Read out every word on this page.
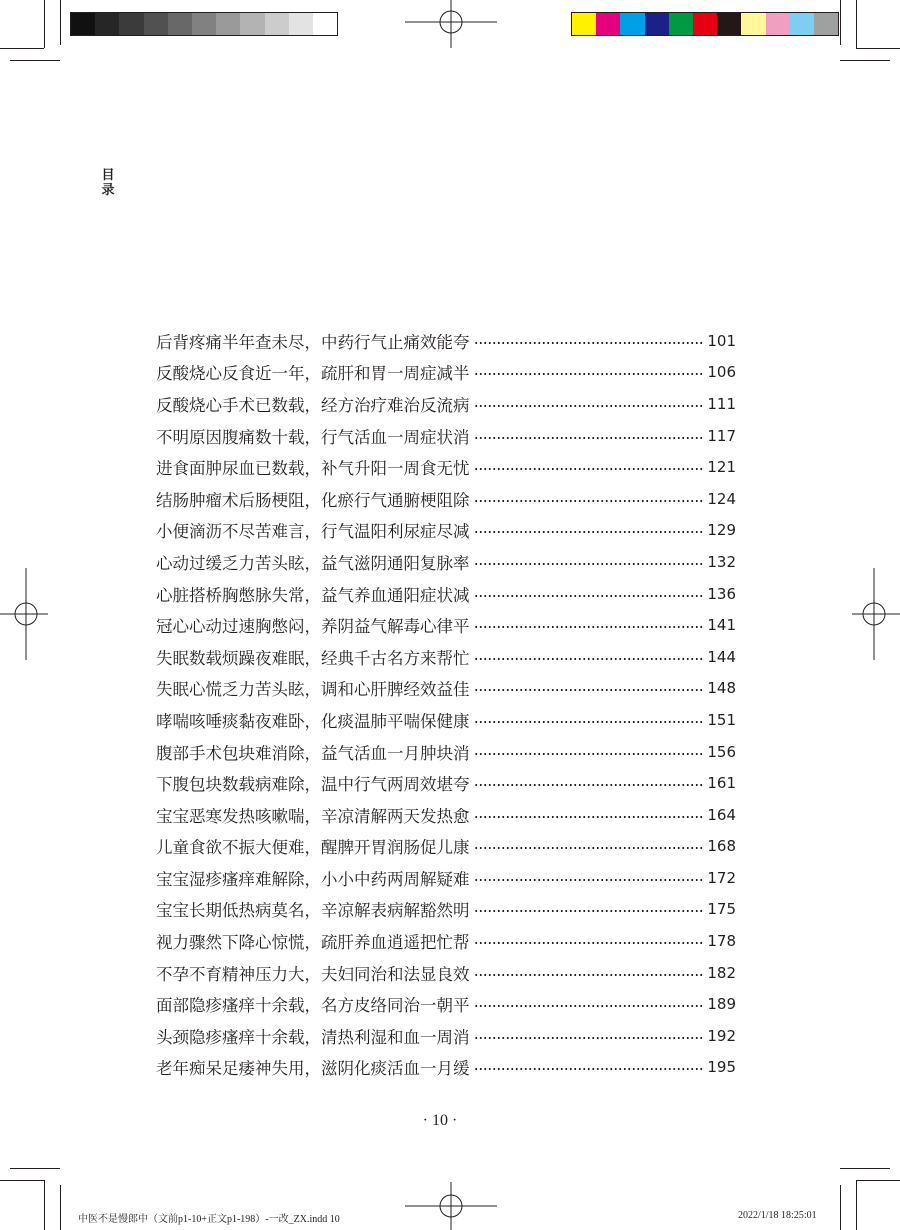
目录
后背疼痛半年查未尽，中药行气止痛效能夸	101
反酸烧心反食近一年，疏肝和胃一周症减半	106
反酸烧心手术已数载，经方治疗难治反流病	111
不明原因腹痛数十载，行气活血一周症状消	117
进食面肿尿血已数载，补气升阳一周食无忧	121
结肠肿瘤术后肠梗阻，化瘀行气通腑梗阻除	124
小便滴沥不尽苦难言，行气温阳利尿症尽减	129
心动过缓乏力苦头眩，益气滋阴通阳复脉率	132
心脏搭桥胸憋脉失常，益气养血通阳症状减	136
冠心心动过速胸憋闷，养阴益气解毒心律平	141
失眠数载烦躁夜难眠，经典千古名方来帮忙	144
失眠心慌乏力苦头眩，调和心肝脾经效益佳	148
哮喘咳唾痰黏夜难卧，化痰温肺平喘保健康	151
腹部手术包块难消除，益气活血一月肿块消	156
下腹包块数载病难除，温中行气两周效堪夸	161
宝宝恶寒发热咳嗽喘，辛凉清解两天发热愈	164
儿童食欲不振大便难，醒脾开胃润肠促儿康	168
宝宝湿疹瘙痒难解除，小小中药两周解疑难	172
宝宝长期低热病莫名，辛凉解表病解豁然明	175
视力骤然下降心惊慌，疏肝养血逍遥把忙帮	178
不孕不育精神压力大，夫妇同治和法显良效	182
面部隐疹瘙痒十余载，名方皮络同治一朝平	189
头颈隐疹瘙痒十余载，清热利湿和血一周消	192
老年痴呆足痿神失用，滋阴化痰活血一月缓	195
· 10 ·
中医不是慢郎中（文前p1-10+正文p1-198）-一改_ZX.indd 10	2022/1/18 18:25:01
